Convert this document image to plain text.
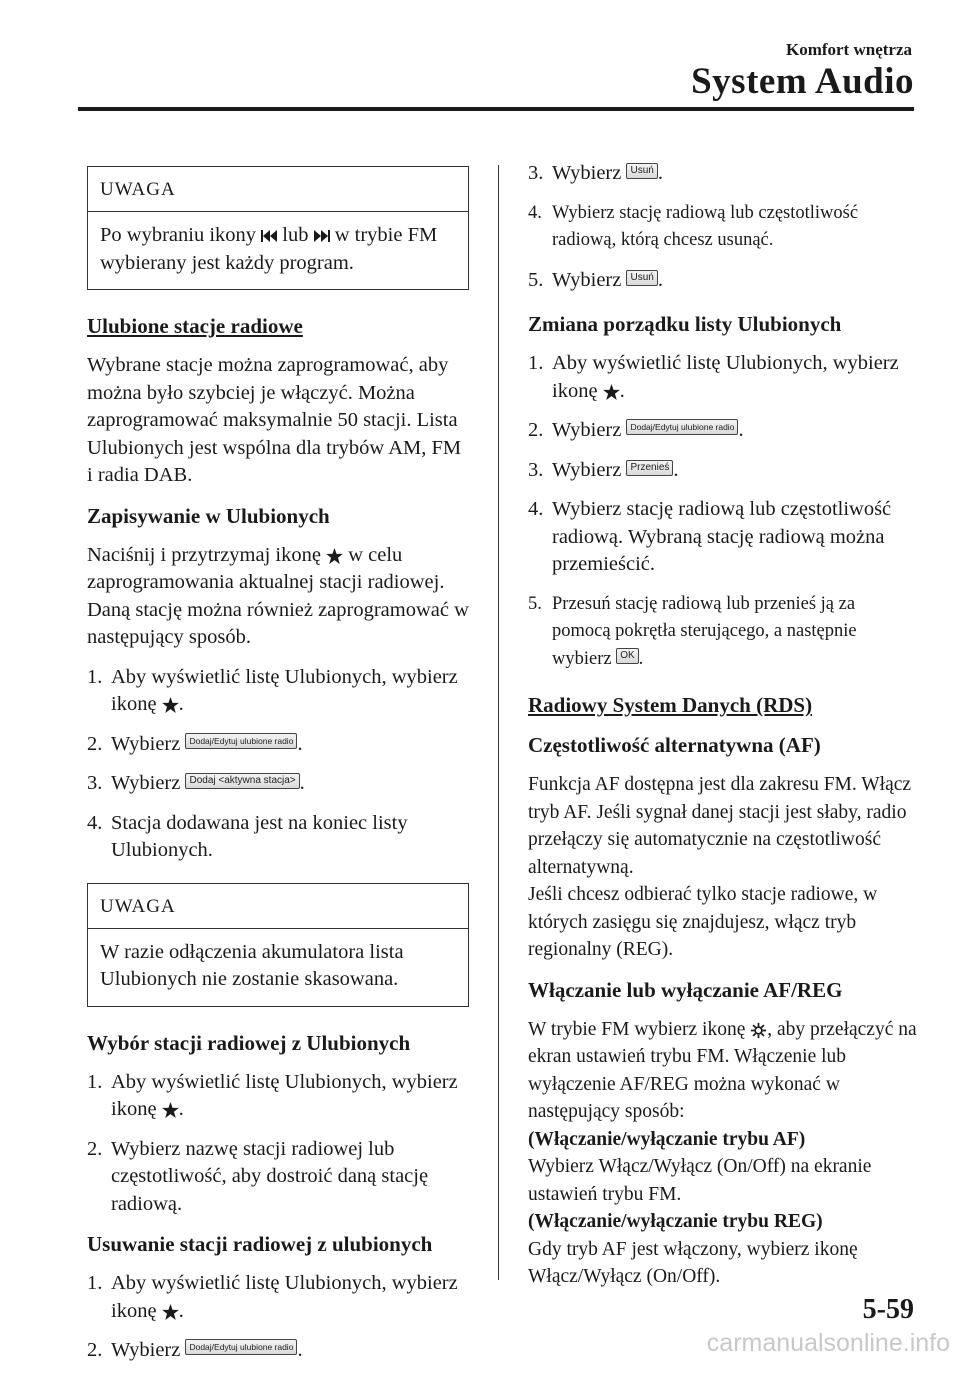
Komfort wnętrza
System Audio
UWAGA
Po wybraniu ikony  lub  w trybie FM wybierany jest każdy program.
Ulubione stacje radiowe

Wybrane stacje można zaprogramować, aby można było szybciej je włączyć. Można zaprogramować maksymalnie 50 stacji. Lista Ulubionych jest wspólna dla trybów AM, FM i radia DAB.

Zapisywanie w Ulubionych

Naciśnij i przytrzymaj ikonę  w celu zaprogramowania aktualnej stacji radiowej. Daną stację można również zaprogramować w następujący sposób.

1. Aby wyświetlić listę Ulubionych, wybierz ikonę .
2. Wybierz Dodaj/Edytuj ulubione radio .
3. Wybierz Dodaj <aktywna stacja> .
4. Stacja dodawana jest na koniec listy Ulubionych.
UWAGA
W razie odłączenia akumulatora lista Ulubionych nie zostanie skasowana.
Wybór stacji radiowej z Ulubionych
1. Aby wyświetlić listę Ulubionych, wybierz ikonę .
2. Wybierz nazwę stacji radiowej lub częstotliwość, aby dostroić daną stację radiową.
Usuwanie stacji radiowej z ulubionych
1. Aby wyświetlić listę Ulubionych, wybierz ikonę .
2. Wybierz Dodaj/Edytuj ulubione radio .
3. Wybierz Usuń .
4. Wybierz stację radiową lub częstotliwość radiową, którą chcesz usunąć.
5. Wybierz Usuń .
Zmiana porządku listy Ulubionych
1. Aby wyświetlić listę Ulubionych, wybierz ikonę .
2. Wybierz Dodaj/Edytuj ulubione radio .
3. Wybierz Przenieś .
4. Wybierz stację radiową lub częstotliwość radiową. Wybraną stację radiową można przemieścić.
5. Przesuń stację radiową lub przenieś ją za pomocą pokrętła sterującego, a następnie wybierz OK .
Radiowy System Danych (RDS)
Częstotliwość alternatywna (AF)

Funkcja AF dostępna jest dla zakresu FM. Włącz tryb AF. Jeśli sygnał danej stacji jest słaby, radio przełączy się automatycznie na częstotliwość alternatywną.

Jeśli chcesz odbierać tylko stacje radiowe, w których zasięgu się znajdujesz, włącz tryb regionalny (REG).

Włączanie lub wyłączanie AF/REG

W trybie FM wybierz ikonę , aby przełączyć na ekran ustawień trybu FM. Włączenie lub wyłączenie AF/REG można wykonać w następujący sposób:

(Włączanie/wyłączanie trybu AF)

Wybierz Włącz/Wyłącz (On/Off) na ekranie ustawień trybu FM.

(Włączanie/wyłączanie trybu REG)

Gdy tryb AF jest włączony, wybierz ikonę Włącz/Wyłącz (On/Off).

5-59
carmanualsonline.info
